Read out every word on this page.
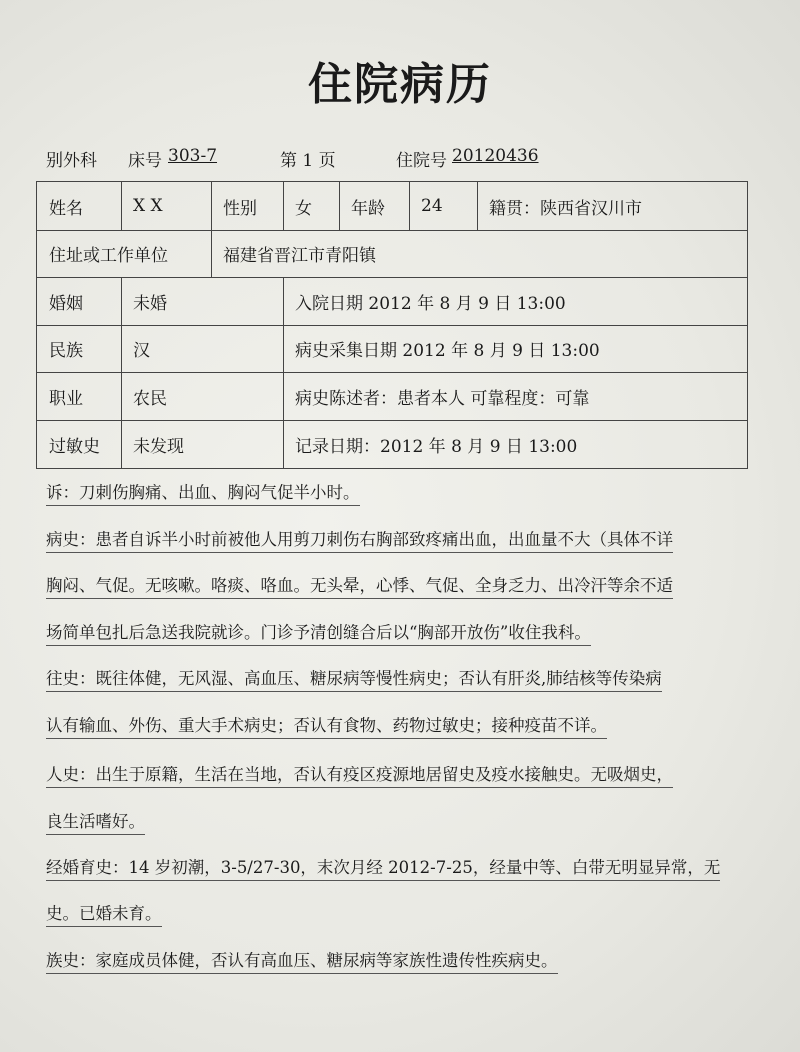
住院病历
别外科 床号 303-7	第 1 页	住院号 20120436
姓名	X X	性别	女	年龄	24	籍贯：陕西省汉川市
住址或工作单位	福建省晋江市青阳镇
婚姻	未婚	入院日期 2012 年 8 月 9 日 13:00
民族	汉	病史采集日期 2012 年 8 月 9 日 13:00
职业	农民	病史陈述者：患者本人 可靠程度：可靠
过敏史	未发现	记录日期：2012 年 8 月 9 日 13:00
诉：刀刺伤胸痛、出血、胸闷气促半小时。
病史：患者自诉半小时前被他人用剪刀刺伤右胸部致疼痛出血，出血量不大（具体不详
胸闷、气促。无咳嗽。咯痰、咯血。无头晕，心悸、气促、全身乏力、出冷汗等余不适
场简单包扎后急送我院就诊。门诊予清创缝合后以“胸部开放伤”收住我科。
往史：既往体健，无风湿、高血压、糖尿病等慢性病史；否认有肝炎,肺结核等传染病
认有输血、外伤、重大手术病史；否认有食物、药物过敏史；接种疫苗不详。
人史：出生于原籍，生活在当地，否认有疫区疫源地居留史及疫水接触史。无吸烟史，
良生活嗜好。
经婚育史：14 岁初潮，3-5/27-30，末次月经 2012-7-25，经量中等、白带无明显异常，无
史。已婚未育。
族史：家庭成员体健，否认有高血压、糖尿病等家族性遗传性疾病史。
